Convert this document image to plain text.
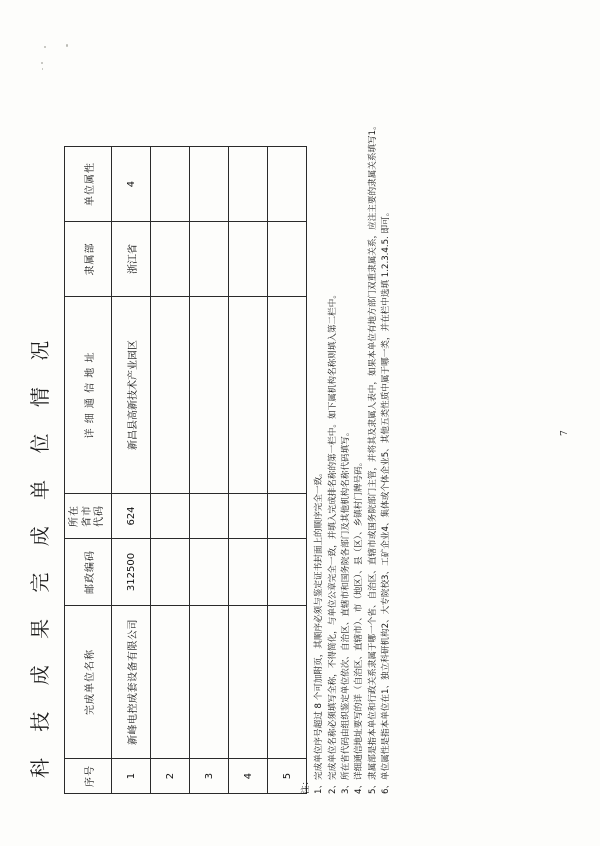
科 技 成 果 完 成 单 位 情 况	序号	完成单位名称	邮政编码	所在 省市 代码	详 细 通 信 地 址	隶属部	单位属性
1	新峰电控成套设备有限公司	312500	624	新昌县高新技术产业园区	浙江省	4
2						
3						
4						
5						

注： 1、完成单位序号超过 8 个可加附页，其顺序必须与鉴定证书封面上的顺序完全一致。 2、完成单位名称必须填写全称，不得简化，与单位公章完全一致，并填入完成排名称的第一栏中。如下属机构名称则填入第二栏中。 3、所在省代码由组织鉴定单位依次、自治区、直辖市和国务院各部门及其他机构名称代码填写。 4、详细通信地址要写的详（自治区、直辖市）、市（地区）、县（区）、乡镇村门牌号码。 5、隶属部是指本单位和行政关系隶属于哪一个省、自治区、直辖市或国务院部门主管，并将其及隶属人表中，如果本单位有地方部门双重隶属关系，应注主要的隶属关系填写1。 6、单位属性是指本单位在1、独立科研机构2、大专院校3、工矿企业4、集体或个体企业5、其他五类性质中属于哪一类，并在栏中选填 1.2.3.4.5. 即可。	7
